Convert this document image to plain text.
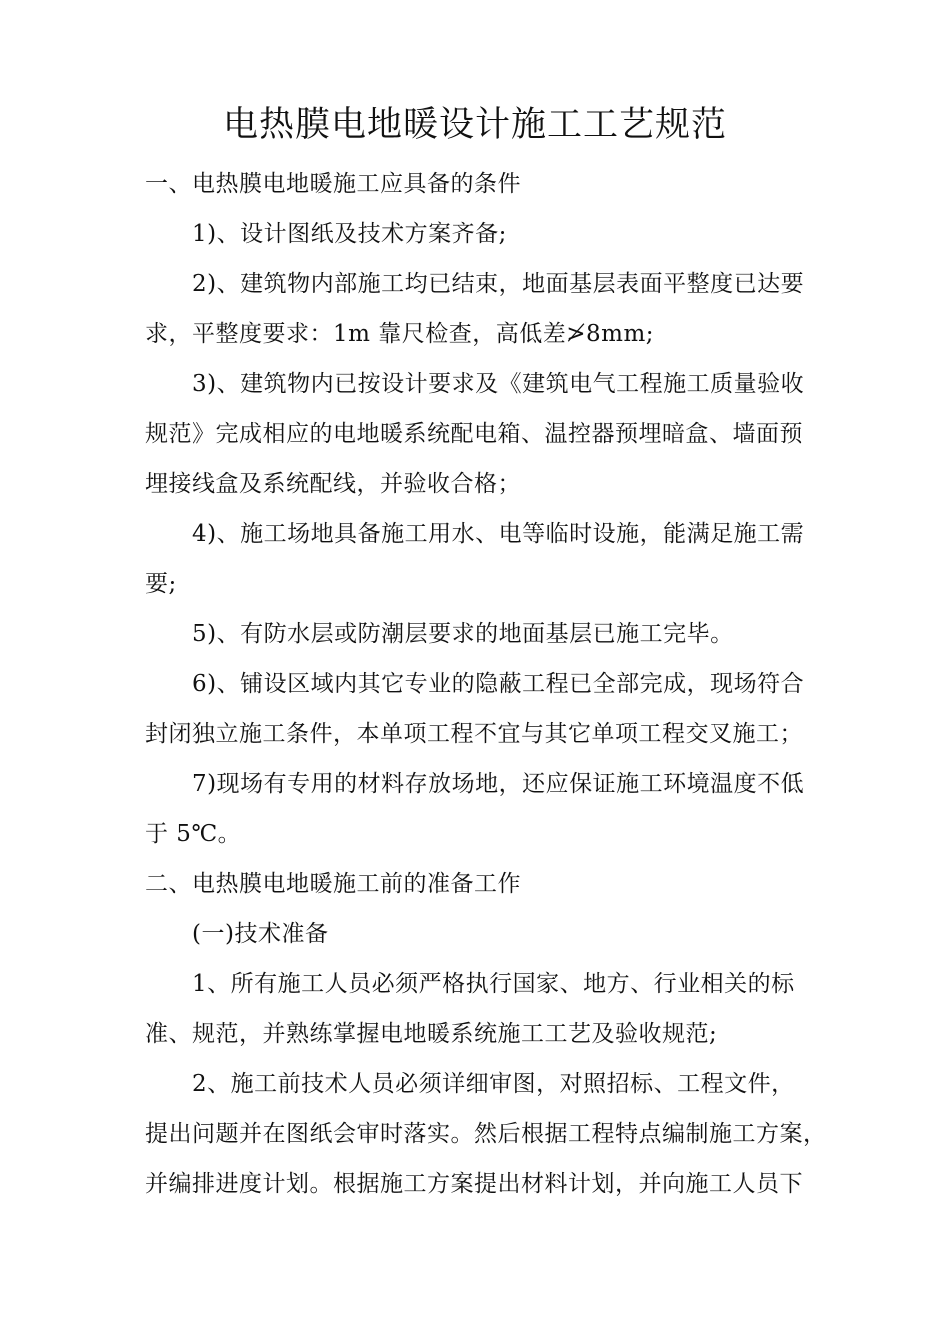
电热膜电地暖设计施工工艺规范
一、电热膜电地暖施工应具备的条件
1)、设计图纸及技术方案齐备;
2)、建筑物内部施工均已结束，地面基层表面平整度已达要
求，平整度要求：1m 靠尺检查，高低差≯8mm;
3)、建筑物内已按设计要求及《建筑电气工程施工质量验收
规范》完成相应的电地暖系统配电箱、温控器预埋暗盒、墙面预
埋接线盒及系统配线，并验收合格；
4)、施工场地具备施工用水、电等临时设施，能满足施工需
要;
5)、有防水层或防潮层要求的地面基层已施工完毕。
6)、铺设区域内其它专业的隐蔽工程已全部完成，现场符合
封闭独立施工条件，本单项工程不宜与其它单项工程交叉施工；
7)现场有专用的材料存放场地，还应保证施工环境温度不低
于 5℃。
二、电热膜电地暖施工前的准备工作
(一)技术准备
1、所有施工人员必须严格执行国家、地方、行业相关的标
准、规范，并熟练掌握电地暖系统施工工艺及验收规范;
2、施工前技术人员必须详细审图，对照招标、工程文件，
提出问题并在图纸会审时落实。然后根据工程特点编制施工方案，
并编排进度计划。根据施工方案提出材料计划，并向施工人员下
